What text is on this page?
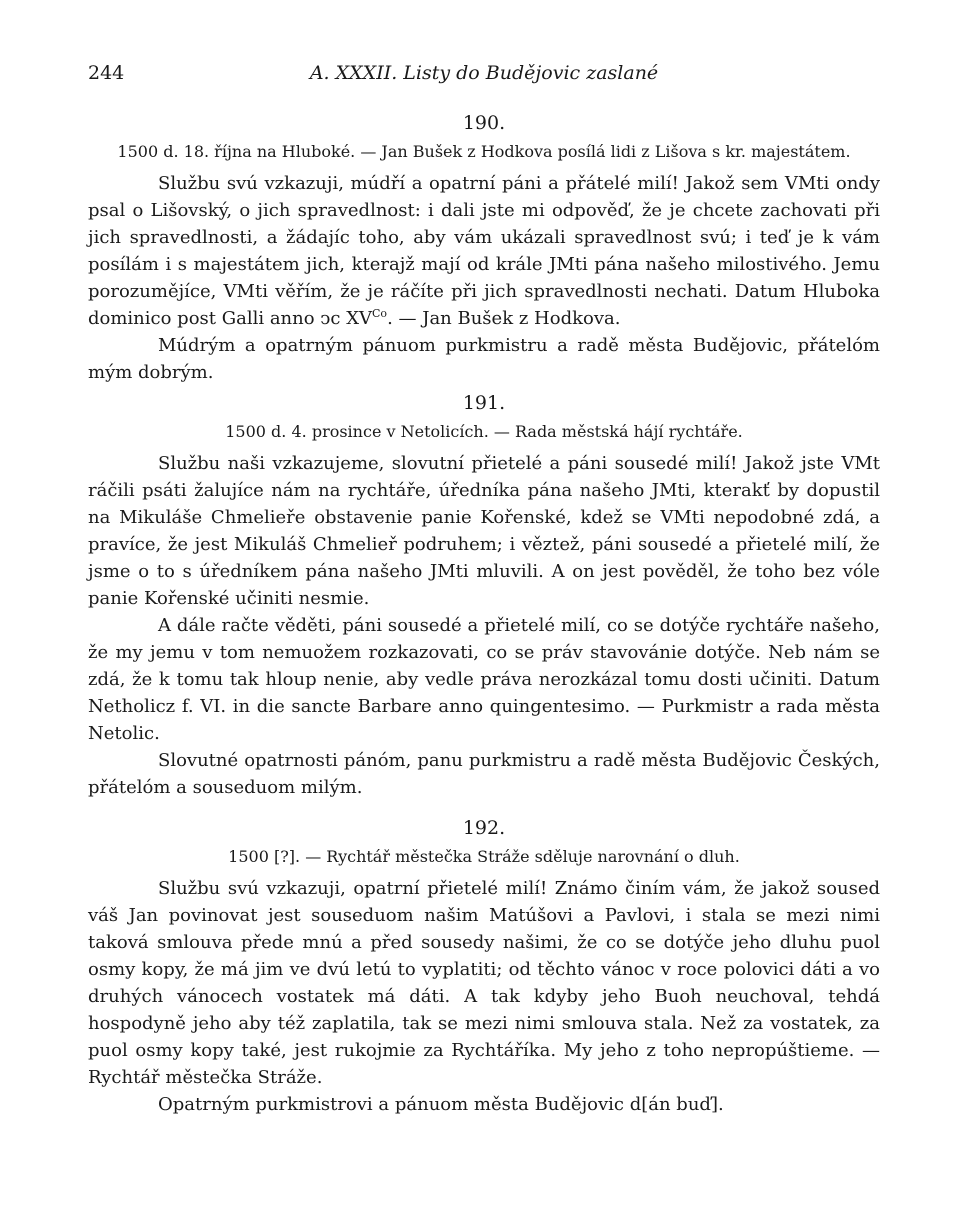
244	A. XXXII. Listy do Budějovic zaslané
190.
1500 d. 18. října na Hluboké. — Jan Bušek z Hodkova posílá lidi z Lišova s kr. majestátem.

Službu svú vzkazuji, múdří a opatrní páni a přátelé milí! Jakož sem VMti ondy psal o Lišovský, o jich spravedlnost: i dali jste mi odpověď, že je chcete zachovati při jich spravedlnosti, a žádajíc toho, aby vám ukázali spravedlnost svú; i teď je k vám posílám i s majestátem jich, kterajž mají od krále JMti pána našeho milostivého. Jemu porozumějíce, VMti věřím, že je ráčíte při jich spravedlnosti nechati. Datum Hluboka dominico post Galli anno ↄc $XV^{Co}$. — Jan Bušek z Hodkova.

Múdrým a opatrným pánuom purkmistru a radě města Budějovic, přátelóm mým dobrým.

191.
1500 d. 4. prosince v Netolicích. — Rada městská hájí rychtáře.

Službu naši vzkazujeme, slovutní přietelé a páni sousedé milí! Jakož jste VMt ráčili psáti žalujíce nám na rychtáře, úředníka pána našeho JMti, kterakť by dopustil na Mikuláše Chmelieře obstavenie panie Kořenské, kdež se VMti nepodobné zdá, a pravíce, že jest Mikuláš Chmelieř podruhem; i věztež, páni sousedé a přietelé milí, že jsme o to s úředníkem pána našeho JMti mluvili. A on jest pověděl, že toho bez vóle panie Kořenské učiniti nesmie.

A dále račte věděti, páni sousedé a přietelé milí, co se dotýče rychtáře našeho, že my jemu v tom nemuožem rozkazovati, co se práv stavovánie dotýče. Neb nám se zdá, že k tomu tak hloup nenie, aby vedle práva nerozkázal tomu dosti učiniti. Datum Netholicz f. VI. in die sancte Barbare anno quingentesimo. — Purkmistr a rada města Netolic.

Slovutné opatrnosti pánóm, panu purkmistru a radě města Budějovic Českých, přátelóm a souseduom milým.

192.
1500 [?]. — Rychtář městečka Stráže sděluje narovnání o dluh.

Službu svú vzkazuji, opatrní přietelé milí! Známo činím vám, že jakož soused váš Jan povinovat jest souseduom našim Matúšovi a Pavlovi, i stala se mezi nimi taková smlouva přede mnú a před sousedy našimi, že co se dotýče jeho dluhu puol osmy kopy, že má jim ve dvú letú to vyplatiti; od těchto vánoc v roce polovici dáti a vo druhých vánocech vostatek má dáti. A tak kdyby jeho Buoh neuchoval, tehdá hospodyně jeho aby též zaplatila, tak se mezi nimi smlouva stala. Než za vostatek, za puol osmy kopy také, jest rukojmie za Rychtáříka. My jeho z toho nepropúštieme. — Rychtář městečka Stráže.

Opatrným purkmistrovi a pánuom města Budějovic d[án buď].
